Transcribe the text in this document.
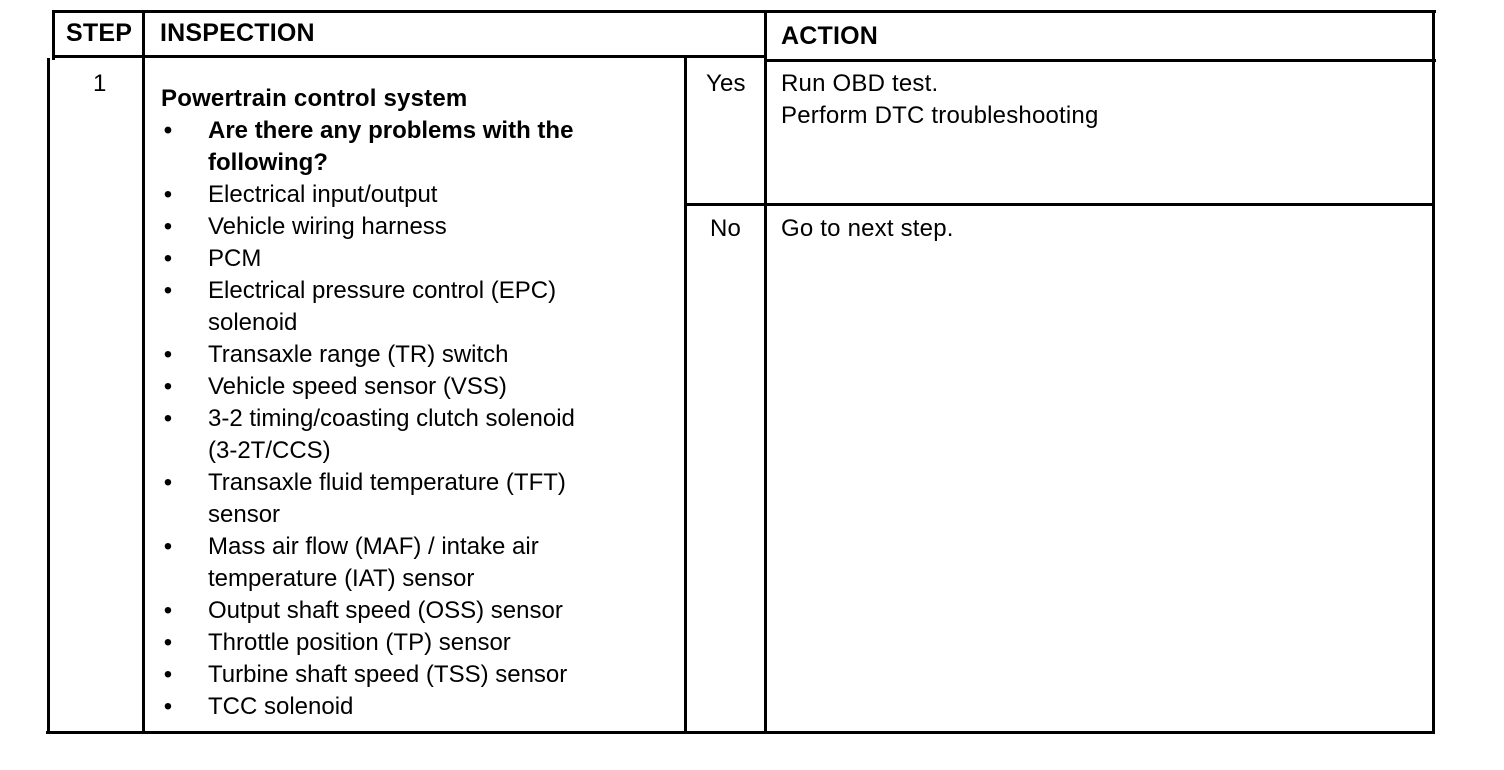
STEP INSPECTION	ACTION
1
Powertrain control system
• Are there any problems with the
following?
• Electrical input/output
• Vehicle wiring harness
• PCM
• Electrical pressure control (EPC)
solenoid
• Transaxle range (TR) switch
• Vehicle speed sensor (VSS)
• 3-2 timing/coasting clutch solenoid
(3-2T/CCS)
• Transaxle fluid temperature (TFT)
sensor
• Mass air flow (MAF) / intake air
temperature (IAT) sensor
• Output shaft speed (OSS) sensor
• Throttle position (TP) sensor
• Turbine shaft speed (TSS) sensor
• TCC solenoid
Yes
No
Run OBD test.
Perform DTC troubleshooting
Go to next step.
